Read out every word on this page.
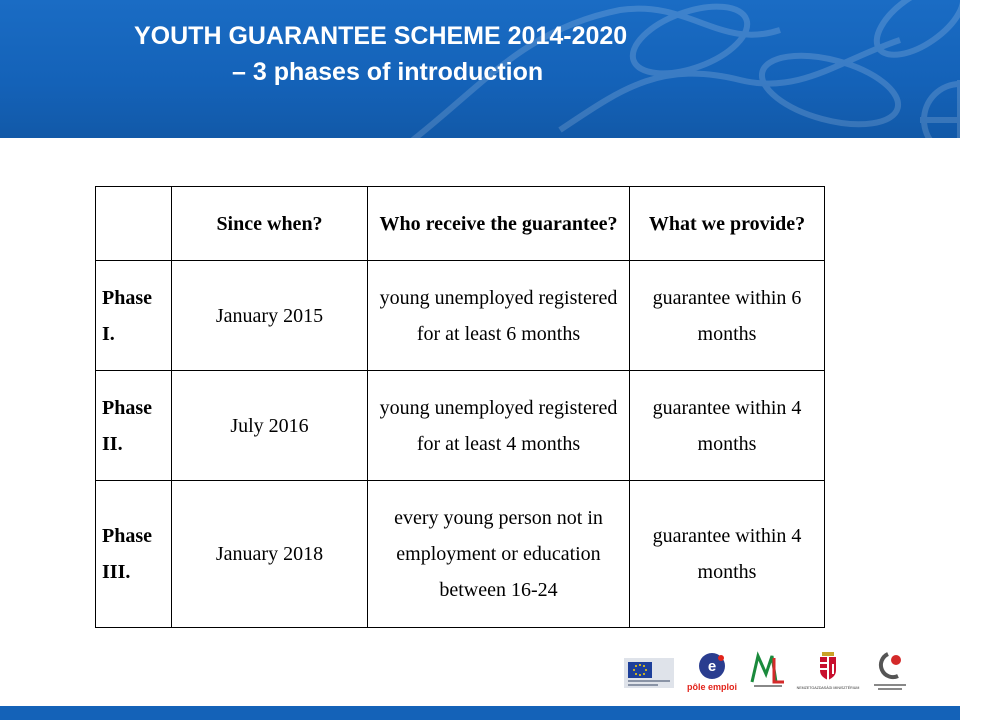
YOUTH GUARANTEE SCHEME 2014-2020
– 3 phases of introduction
	Since when?	Who receive the guarantee?	What we provide?
Phase I.	January 2015	young unemployed registered for at least 6 months	guarantee within 6 months
Phase II.	July 2016	young unemployed registered for at least 4 months	guarantee within 4 months
Phase III.	January 2018	every young person not in employment or education between 16-24	guarantee within 4 months
e
pôle emploi	NEMZETGAZDASÁGI MINISZTÉRIUM
